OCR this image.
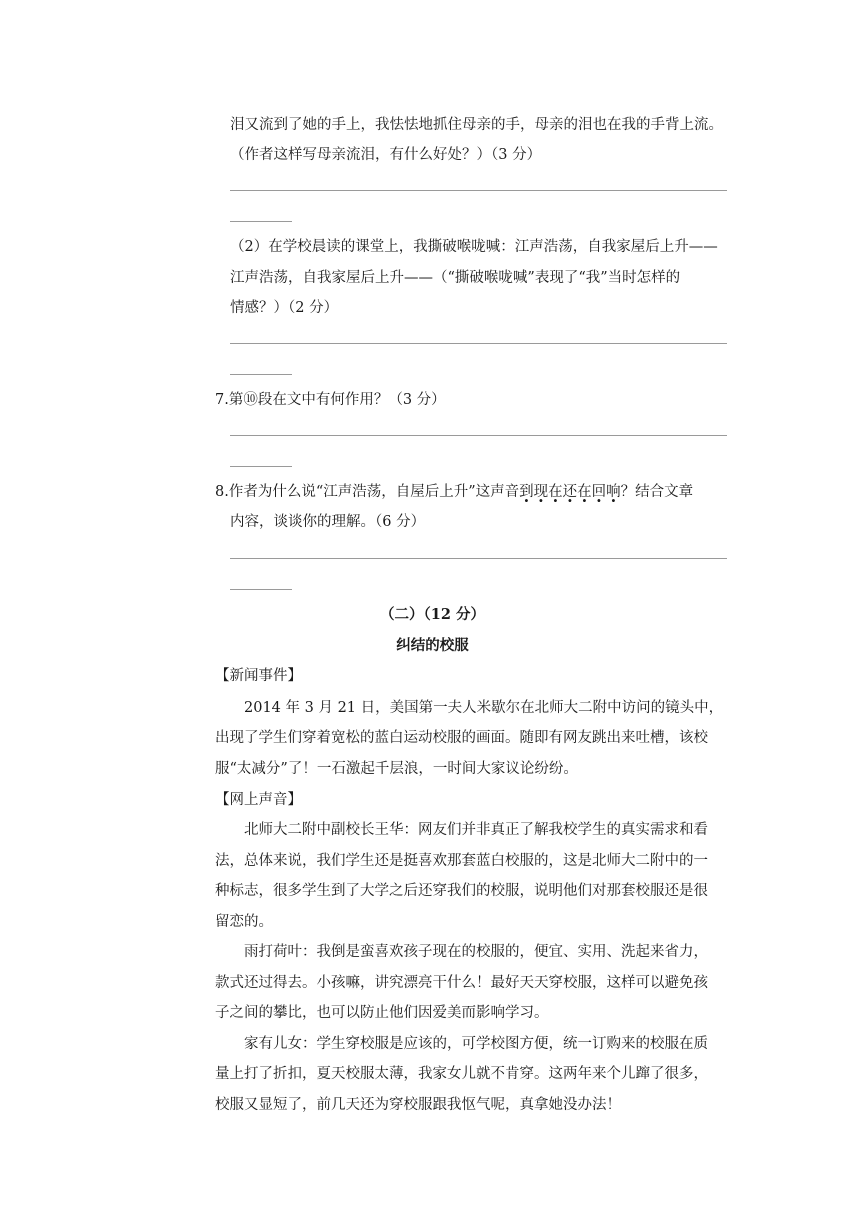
泪又流到了她的手上，我怯怯地抓住母亲的手，母亲的泪也在我的手背上流。
（作者这样写母亲流泪，有什么好处？）（3 分）
（2）在学校晨读的课堂上，我撕破喉咙喊：江声浩荡，自我家屋后上升——
江声浩荡，自我家屋后上升——（“撕破喉咙喊”表现了“我”当时怎样的
情感？）（2 分）
7.第⑩段在文中有何作用？（3 分）
8.作者为什么说“江声浩荡，自屋后上升”这声音到现在还在回响？结合文章
内容，谈谈你的理解。（6 分）
（二）（12 分）
纠结的校服
【新闻事件】
2014 年 3 月 21 日，美国第一夫人米歇尔在北师大二附中访问的镜头中，
出现了学生们穿着宽松的蓝白运动校服的画面。随即有网友跳出来吐槽，该校
服“太减分”了！一石激起千层浪，一时间大家议论纷纷。
【网上声音】
北师大二附中副校长王华：网友们并非真正了解我校学生的真实需求和看
法，总体来说，我们学生还是挺喜欢那套蓝白校服的，这是北师大二附中的一
种标志，很多学生到了大学之后还穿我们的校服，说明他们对那套校服还是很
留恋的。
雨打荷叶：我倒是蛮喜欢孩子现在的校服的，便宜、实用、洗起来省力，
款式还过得去。小孩嘛，讲究漂亮干什么！最好天天穿校服，这样可以避免孩
子之间的攀比，也可以防止他们因爱美而影响学习。
家有儿女：学生穿校服是应该的，可学校图方便，统一订购来的校服在质
量上打了折扣，夏天校服太薄，我家女儿就不肯穿。这两年来个儿蹿了很多，
校服又显短了，前几天还为穿校服跟我怄气呢，真拿她没办法！
